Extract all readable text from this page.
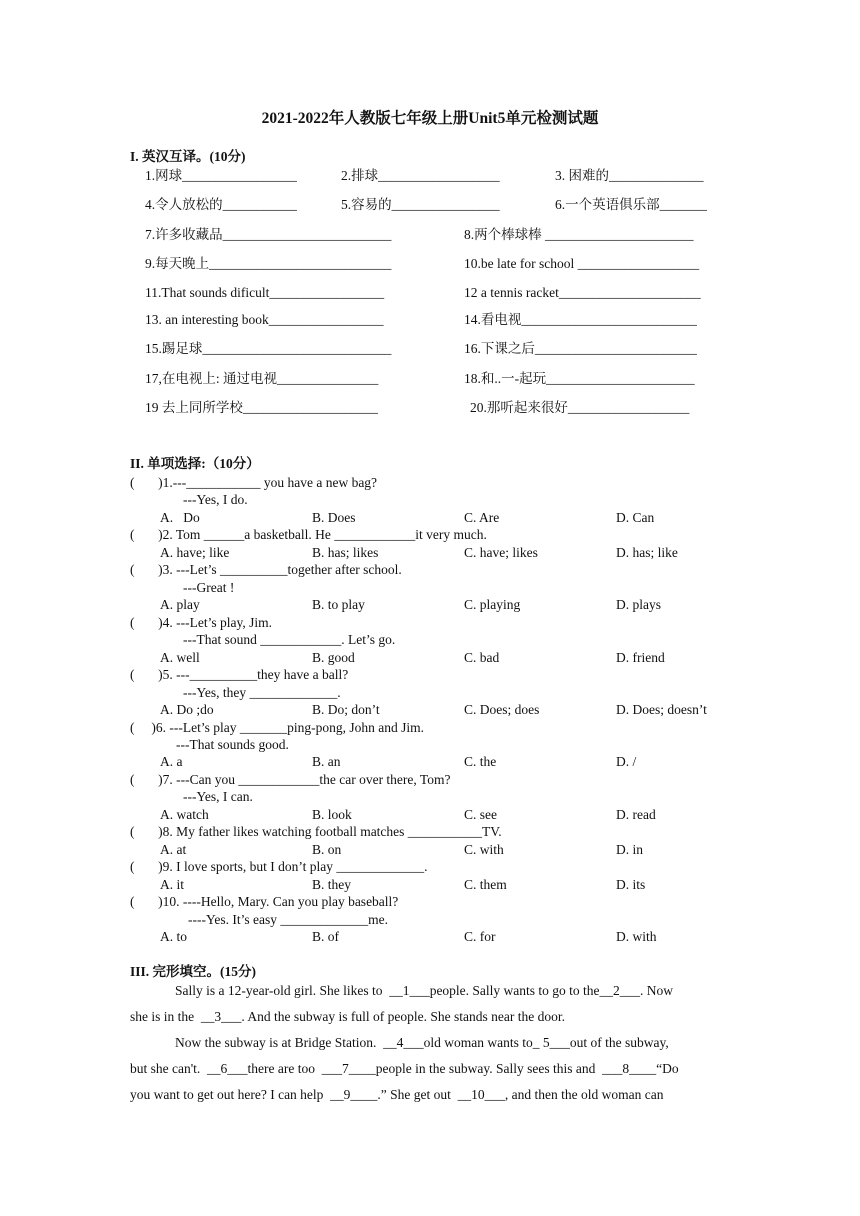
2021-2022年人教版七年级上册Unit5单元检测试题
I. 英汉互译。(10分)
1.网球_________________	2.排球__________________	3. 困难的______________
4.令人放松的___________	5.容易的________________	6.一个英语俱乐部_______
7.许多收藏品_________________________	8.两个棒球棒 ______________________
9.每天晚上___________________________	10.be late for school __________________
11.That sounds dificult_________________	12 a tennis racket_____________________
13. an interesting book_________________	14.看电视__________________________
15.踢足球____________________________	16.下课之后________________________
17,在电视上: 通过电视_______________	18.和..一-起玩______________________
19 去上同所学校____________________	20.那听起来很好__________________
II. 单项选择:（10分）
(       )1.---___________ you have a new bag?
---Yes, I do.
A.   Do	B. Does	C. Are	D. Can
(       )2. Tom ______a basketball. He ____________it very much.
A. have; like	B. has; likes	C. have; likes	D. has; like
(       )3. ---Let’s __________together after school.
---Great !
A. play	B. to play	C. playing	D. plays
(       )4. ---Let’s play, Jim.
---That sound ____________. Let’s go.
A. well	B. good	C. bad	D. friend
(       )5. ---__________they have a ball?
---Yes, they _____________.
A. Do ;do	B. Do; don’t	C. Does; does	D. Does; doesn’t
(     )6. ---Let’s play _______ping-pong, John and Jim.
---That sounds good.
A. a	B. an	C. the	D. /
(       )7. ---Can you ____________the car over there, Tom?
---Yes, I can.
A. watch	B. look	C. see	D. read
(       )8. My father likes watching football matches ___________TV.
A. at	B. on	C. with	D. in
(       )9. I love sports, but I don’t play _____________.
A. it	B. they	C. them	D. its
(       )10. ----Hello, Mary. Can you play baseball?
----Yes. It’s easy _____________me.
A. to	B. of	C. for	D. with
III. 完形填空。(15分)
Sally is a 12-year-old girl. She likes to  __1___people. Sally wants to go to the__2___. Now
she is in the  __3___. And the subway is full of people. She stands near the door.
Now the subway is at Bridge Station.  __4___old woman wants to_ 5___out of the subway,
but she can't.  __6___there are too  ___7____people in the subway. Sally sees this and  ___8____“Do
you want to get out here? I can help  __9____.” She get out  __10___, and then the old woman can
